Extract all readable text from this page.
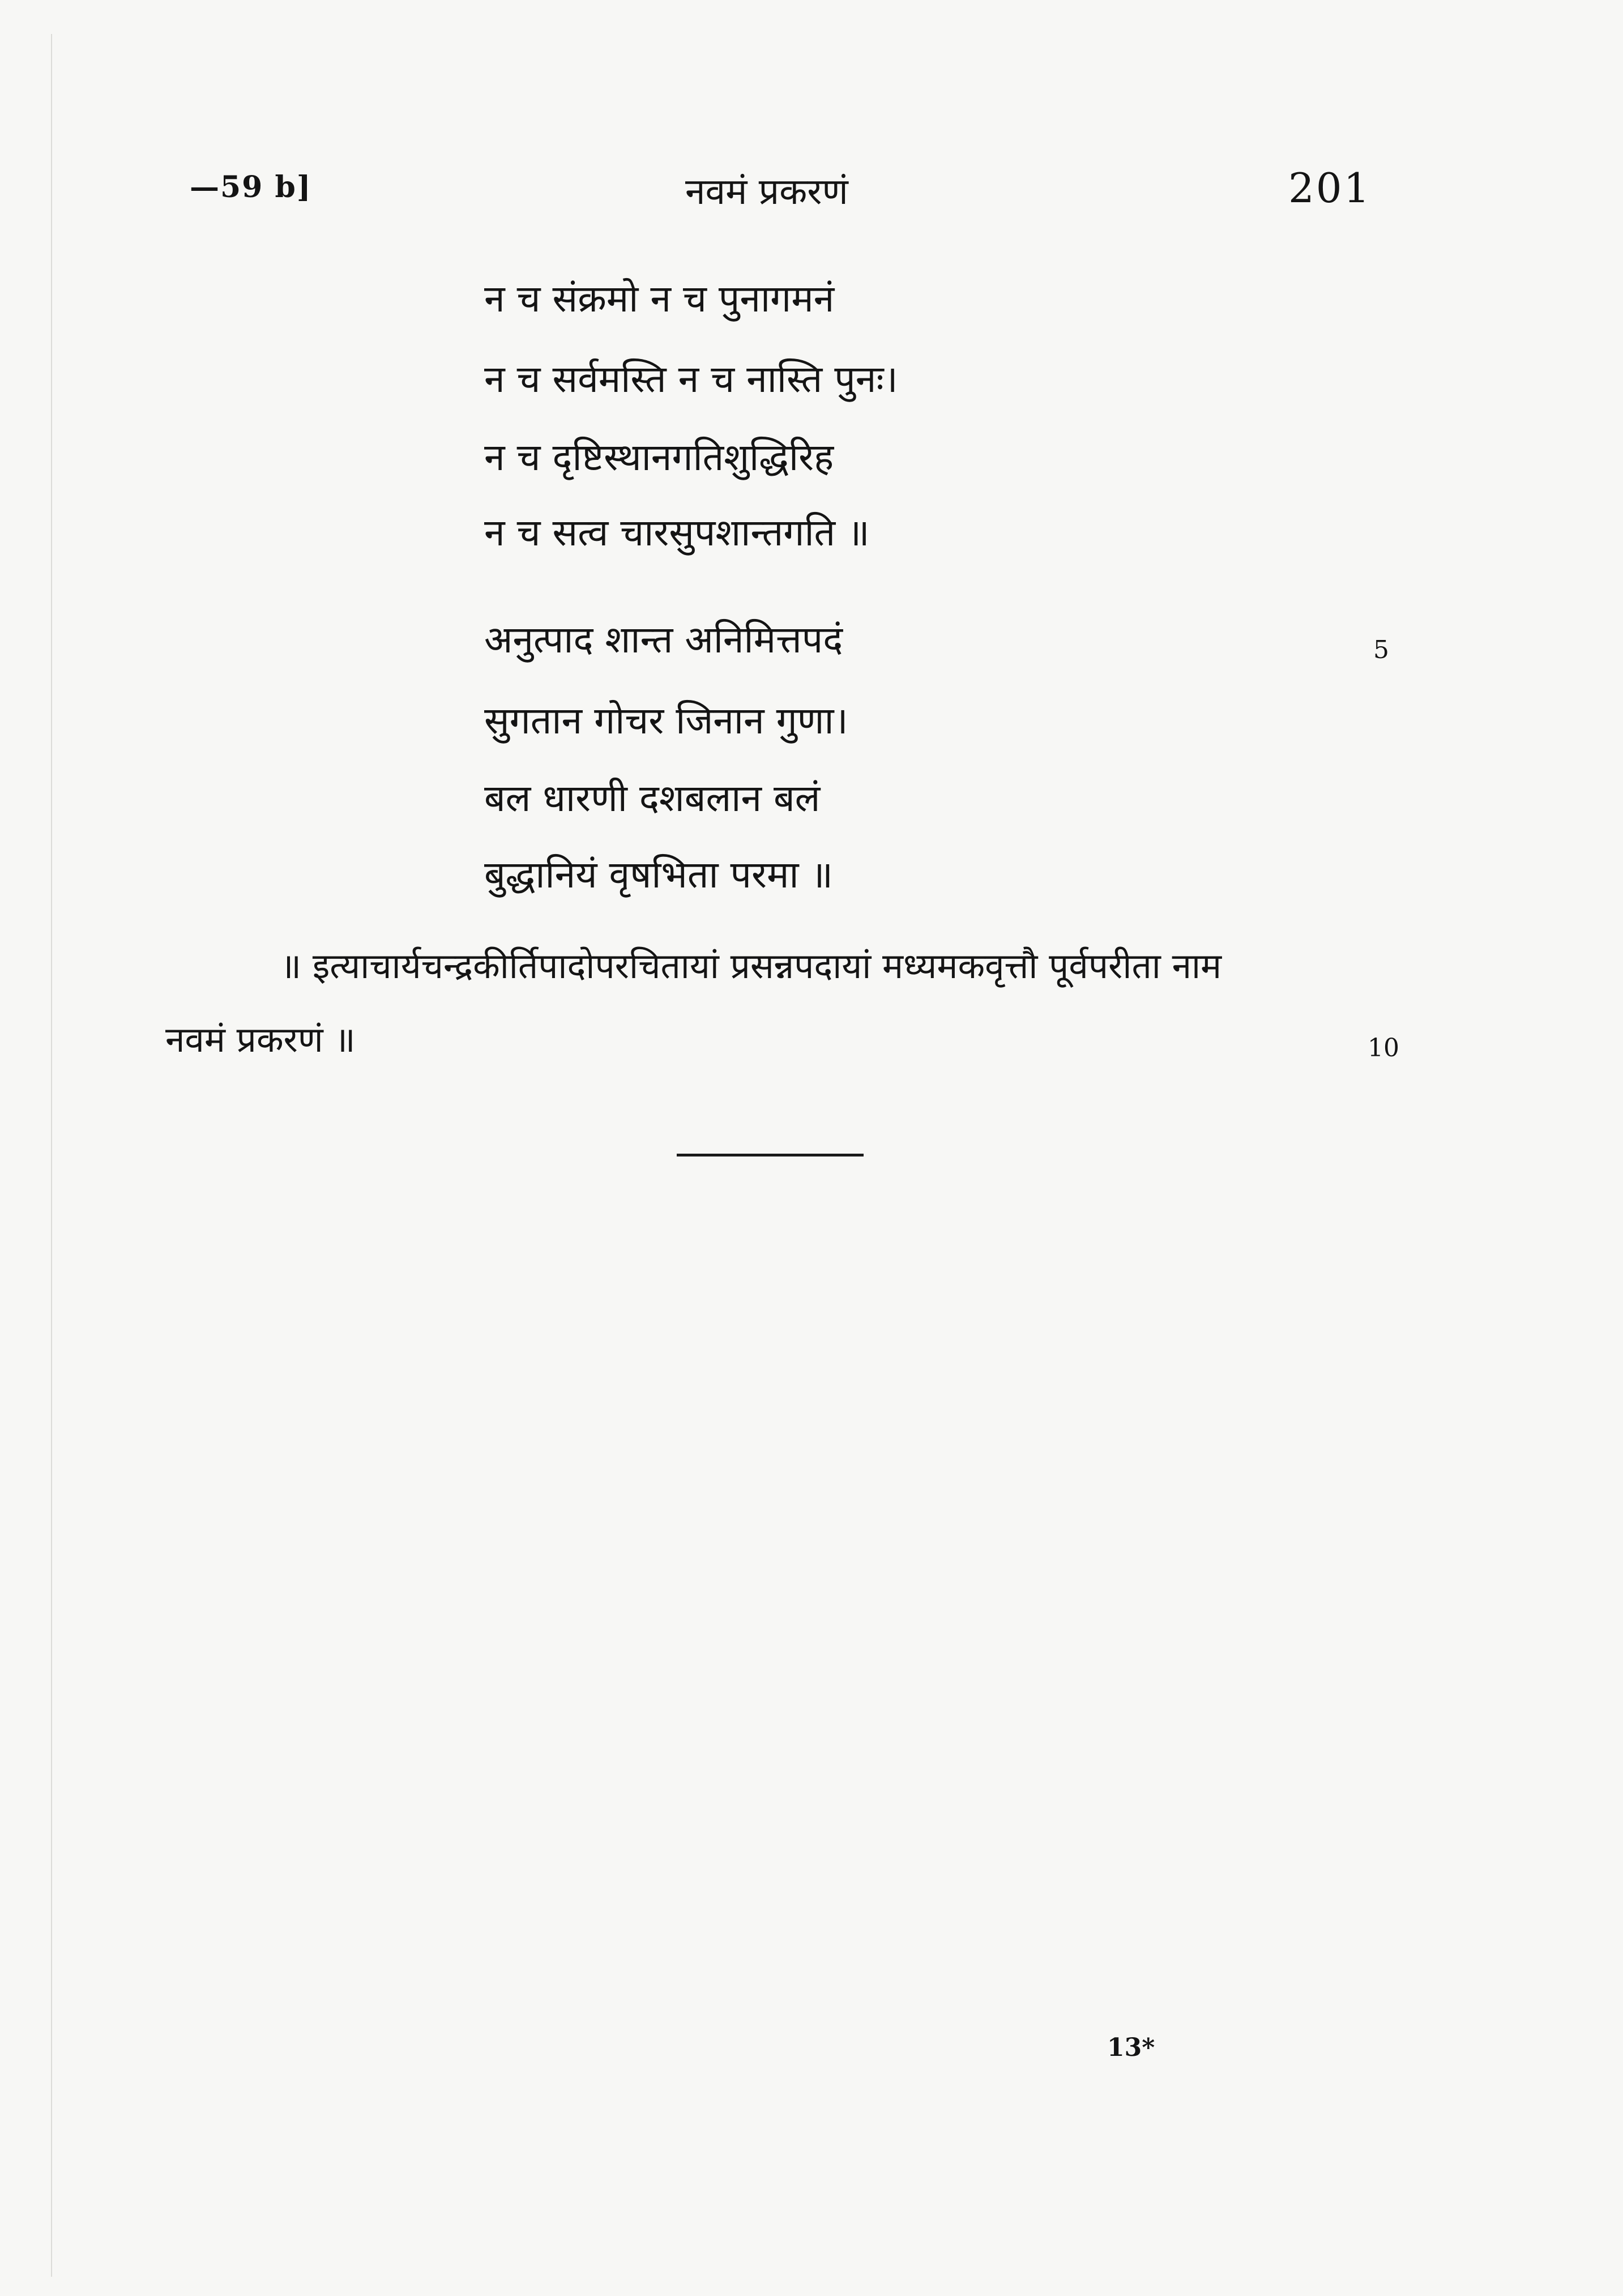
—59 b]	नवमं प्रकरणं	201
न च संक्रमो न च पुनागमनं
न च सर्वमस्ति न च नास्ति पुनः।
न च दृष्टिस्थानगतिशुद्धिरिह
न च सत्व चारसुपशान्तगति ॥
अनुत्पाद शान्त अनिमित्तपदं	5
सुगतान गोचर जिनान गुणा।
बल धारणी दशबलान बलं
बुद्धानियं वृषभिता परमा ॥
॥ इत्याचार्यचन्द्रकीर्तिपादोपरचितायां प्रसन्नपदायां मध्यमकवृत्तौ पूर्वपरीता नाम
नवमं प्रकरणं ॥	10
13*
